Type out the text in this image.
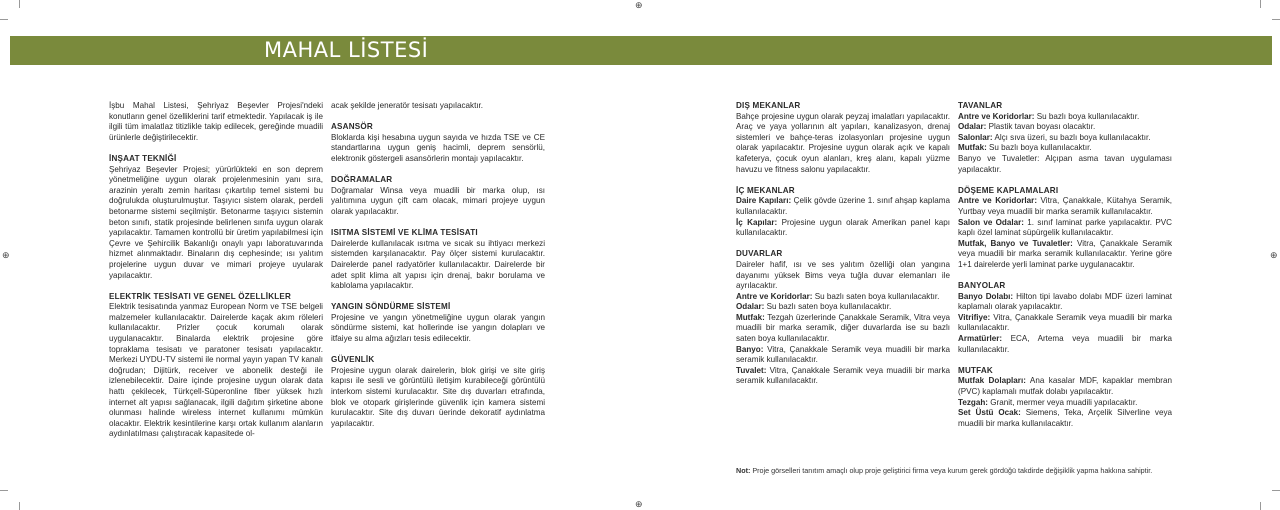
⊕
⊕
⊕	⊕
MAHAL LİSTESİ

İşbu Mahal Listesi, Şehriyaz Beşevler Projesi'ndeki konutların genel özelliklerini tarif etmektedir. Yapılacak iş ile ilgili tüm imalatlaz titizlikle takip edilecek, gereğinde muadili ürünlerle değiştirilecektir.

İNŞAAT TEKNİĞİ

Şehriyaz Beşevler Projesi; yürürlükteki en son deprem yönetmeliğine uygun olarak projelenmesinin yanı sıra, arazinin yeraltı zemin haritası çıkartılıp temel sistemi bu doğrulukda oluşturulmuştur. Taşıyıcı sistem olarak, perdeli betonarme sistemi seçilmiştir. Betonarme taşıyıcı sistemin beton sınıfı, statik projesinde belirlenen sınıfa uygun olarak yapılacaktır. Tamamen kontrollü bir üretim yapılabilmesi için Çevre ve Şehircilik Bakanlığı onaylı yapı laboratuvarında hizmet alınmaktadır. Binaların dış cephesinde; ısı yalıtım projelerine uygun duvar ve mimari projeye uyularak yapılacaktır.

ELEKTRİK TESİSATI VE GENEL ÖZELLİKLER

Elektrik tesisatında yanmaz European Norm ve TSE belgeli malzemeler kullanılacaktır. Dairelerde kaçak akım röleleri kullanılacaktır. Prizler çocuk korumalı olarak uygulanacaktır. Binalarda elektrik projesine göre topraklama tesisatı ve paratoner tesisatı yapılacaktır. Merkezi UYDU-TV sistemi ile normal yayın yapan TV kanalı doğrudan; Dijitürk, receiver ve abonelik desteği ile izlenebilecektir. Daire içinde projesine uygun olarak data hattı çekilecek, Türkçell-Süperonline fiber yüksek hızlı internet alt yapısı sağlanacak, ilgili dağıtım şirketine abone olunması halinde wireless internet kullanımı mümkün olacaktır. Elektrik kesintilerine karşı ortak kullanım alanların aydınlatılması çalıştıracak kapasitede ol-

acak şekilde jeneratör tesisatı yapılacaktır.

ASANSÖR

Bloklarda kişi hesabına uygun sayıda ve hızda TSE ve CE standartlarına uygun geniş hacimli, deprem sensörlü, elektronik göstergeli asansörlerin montajı yapılacaktır.

DOĞRAMALAR

Doğramalar Winsa veya muadili bir marka olup, ısı yalıtımına uygun çift cam olacak, mimari projeye uygun olarak yapılacaktır.

ISITMA SİSTEMİ VE KLİMA TESİSATI

Dairelerde kullanılacak ısıtma ve sıcak su ihtiyacı merkezi sistemden karşılanacaktır. Pay ölçer sistemi kurulacaktır. Dairelerde panel radyatörler kullanılacaktır. Dairelerde bir adet split klima alt yapısı için drenaj, bakır borulama ve kablolama yapılacaktır.

YANGIN SÖNDÜRME SİSTEMİ

Projesine ve yangın yönetmeliğine uygun olarak yangın söndürme sistemi, kat hollerinde ise yangın dolapları ve itfaiye su alma ağızları tesis edilecektir.

GÜVENLİK

Projesine uygun olarak dairelerin, blok girişi ve site giriş kapısı ile sesli ve görüntülü iletişim kurabileceği görüntülü interkom sistemi kurulacaktır. Site dış duvarları etrafında, blok ve otopark girişlerinde güvenlik için kamera sistemi kurulacaktır. Site dış duvarı üerinde dekoratif aydınlatma yapılacaktır.

DIŞ MEKANLAR

Bahçe projesine uygun olarak peyzaj imalatları yapılacaktır. Araç ve yaya yollarının alt yapıları, kanalizasyon, drenaj sistemleri ve bahçe-teras izolasyonları projesine uygun olarak yapılacaktır. Projesine uygun olarak açık ve kapalı kafeterya, çocuk oyun alanları, kreş alanı, kapalı yüzme havuzu ve fitness salonu yapılacaktır.

İÇ MEKANLAR

Daire Kapıları: Çelik gövde üzerine 1. sınıf ahşap kaplama kullanılacaktır.

İç Kapılar: Projesine uygun olarak Amerikan panel kapı kullanılacaktır.

DUVARLAR

Daireler hafif, ısı ve ses yalıtım özelliği olan yangına dayanımı yüksek Bims veya tuğla duvar elemanları ile ayrılacaktır.

Antre ve Koridorlar: Su bazlı saten boya kullanılacaktır.

Odalar: Su bazlı saten boya kullanılacaktır.

Mutfak: Tezgah üzerlerinde Çanakkale Seramik, Vitra veya muadili bir marka seramik, diğer duvarlarda ise su bazlı saten boya kullanılacaktır.

Banyo: Vitra, Çanakkale Seramik veya muadili bir marka seramik kullanılacaktır.

Tuvalet: Vitra, Çanakkale Seramik veya muadili bir marka seramik kullanılacaktır.

TAVANLAR

Antre ve Koridorlar: Su bazlı boya kullanılacaktır.

Odalar: Plastik tavan boyası olacaktır.

Salonlar: Alçı sıva üzeri, su bazlı boya kullanılacaktır.

Mutfak: Su bazlı boya kullanılacaktır.

Banyo ve Tuvaletler: Alçıpan asma tavan uygulaması yapılacaktır.

DÖŞEME KAPLAMALARI

Antre ve Koridorlar: Vitra, Çanakkale, Kütahya Seramik, Yurtbay veya muadili bir marka seramik kullanılacaktır.

Salon ve Odalar: 1. sınıf laminat parke yapılacaktır. PVC kaplı özel laminat süpürgelik kullanılacaktır.

Mutfak, Banyo ve Tuvaletler: Vitra, Çanakkale Seramik veya muadili bir marka seramik kullanılacaktır. Yerine göre 1+1 dairelerde yerli laminat parke uygulanacaktır.

BANYOLAR

Banyo Dolabı: Hilton tipi lavabo dolabı MDF üzeri laminat kaplamalı olarak yapılacaktır.

Vitrifiye: Vitra, Çanakkale Seramik veya muadili bir marka kullanılacaktır.

Armatürler: ECA, Artema veya muadili bir marka kullanılacaktır.

MUTFAK

Mutfak Dolapları: Ana kasalar MDF, kapaklar membran (PVC) kaplamalı mutfak dolabı yapılacaktır.

Tezgah: Granit, mermer veya muadili yapılacaktır.

Set Üstü Ocak: Siemens, Teka, Arçelik Silverline veya muadili bir marka kullanılacaktır.

Not: Proje görselleri tanıtım amaçlı olup proje geliştirici firma veya kurum gerek gördüğü takdirde değişiklik yapma hakkına sahiptir.
